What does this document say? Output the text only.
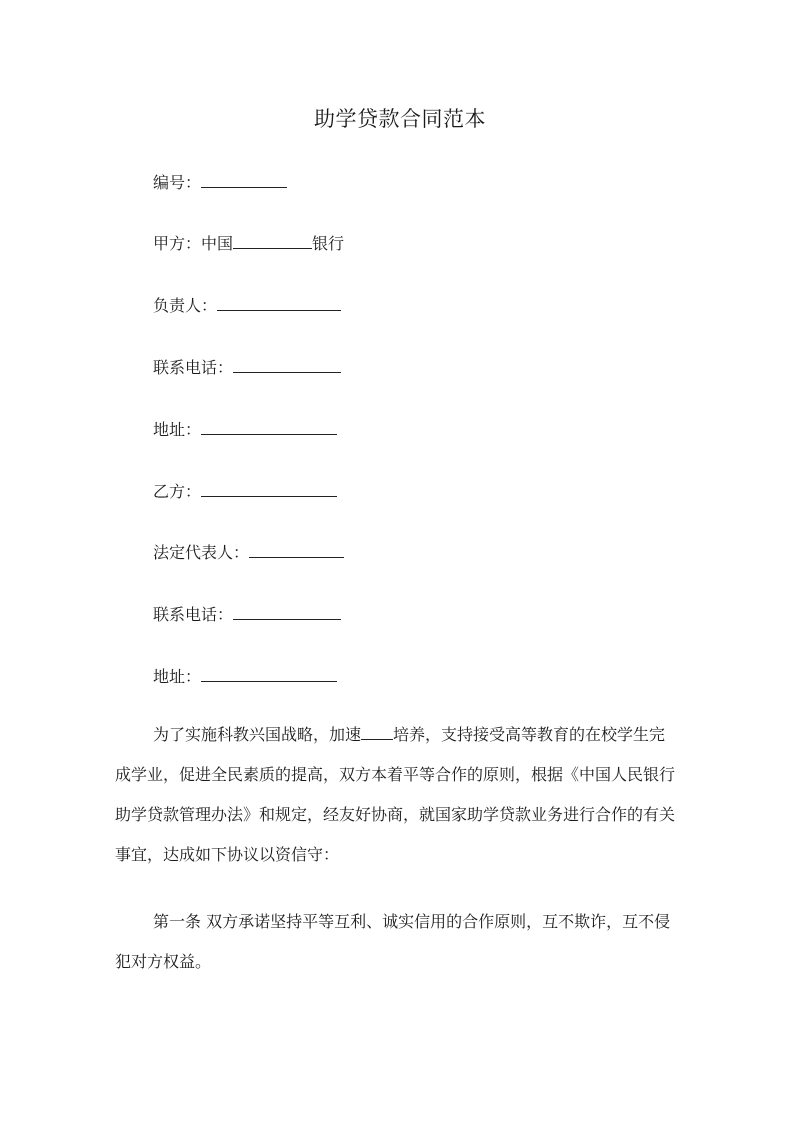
助学贷款合同范本
编号：
甲方：中国	银行
负责人：
联系电话：
地址：
乙方：
法定代表人：
联系电话：
地址：
为了实施科教兴国战略，加速 培养，支持接受高等教育的在校学生完
成学业，促进全民素质的提高，双方本着平等合作的原则，根据《中国人民银行
助学贷款管理办法》和规定，经友好协商，就国家助学贷款业务进行合作的有关
事宜，达成如下协议以资信守：
第一条 双方承诺坚持平等互利、诚实信用的合作原则，互不欺诈，互不侵
犯对方权益。
